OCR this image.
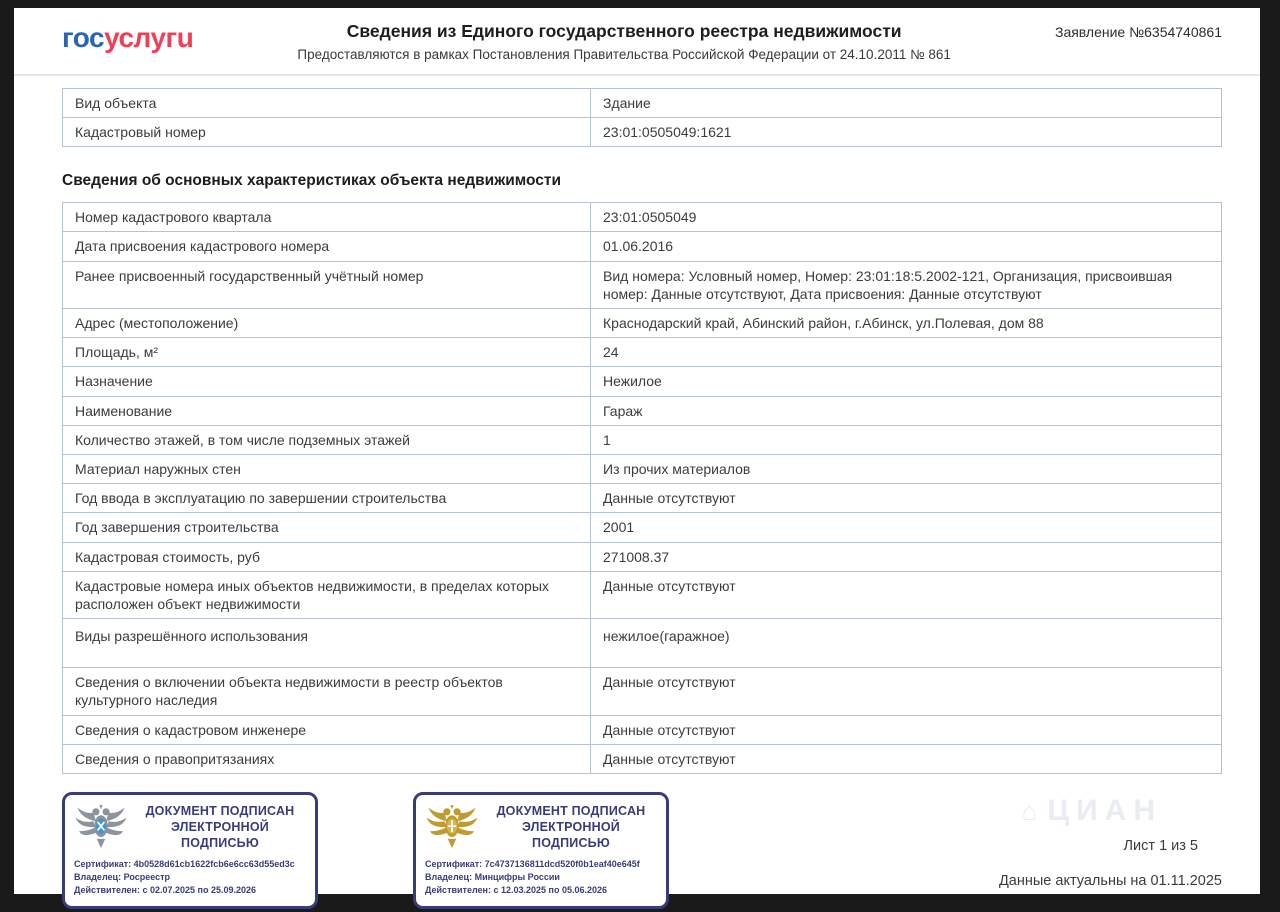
госуслугu	Сведения из Единого государственного реестра недвижимости
Предоставляются в рамках Постановления Правительства Российской Федерации от 24.10.2011 № 861
Заявление №6354740861
Вид объекта	Здание
Кадастровый номер	23:01:0505049:1621
Сведения об основных характеристиках объекта недвижимости
Номер кадастрового квартала	23:01:0505049
Дата присвоения кадастрового номера	01.06.2016
Ранее присвоенный государственный учётный номер	Вид номера: Условный номер, Номер: 23:01:18:5.2002-121, Организация, присвоившая номер: Данные отсутствуют, Дата присвоения: Данные отсутствуют
Адрес (местоположение)	Краснодарский край, Абинский район, г.Абинск, ул.Полевая, дом 88
Площадь, м²	24
Назначение	Нежилое
Наименование	Гараж
Количество этажей, в том числе подземных этажей	1
Материал наружных стен	Из прочих материалов
Год ввода в эксплуатацию по завершении строительства	Данные отсутствуют
Год завершения строительства	2001
Кадастровая стоимость, руб	271008.37
Кадастровые номера иных объектов недвижимости, в пределах которых расположен объект недвижимости	Данные отсутствуют
Виды разрешённого использования	нежилое(гаражное)
Сведения о включении объекта недвижимости в реестр объектов культурного наследия	Данные отсутствуют
Сведения о кадастровом инженере	Данные отсутствуют
Сведения о правопритязаниях	Данные отсутствуют
ДОКУМЕНТ ПОДПИСАН ЭЛЕКТРОННОЙ ПОДПИСЬЮ
Сертификат: 4b0528d61cb1622fcb6e6cc63d55ed3c
Владелец: Росреестр
Действителен: с 02.07.2025 по 25.09.2026
ДОКУМЕНТ ПОДПИСАН ЭЛЕКТРОННОЙ ПОДПИСЬЮ
Сертификат: 7c4737136811dcd520f0b1eaf40e645f
Владелец: Минцифры России
Действителен: с 12.03.2025 по 05.06.2026
⌂ ЦИАН
Лист 1 из 5
Данные актуальны на 01.11.2025
